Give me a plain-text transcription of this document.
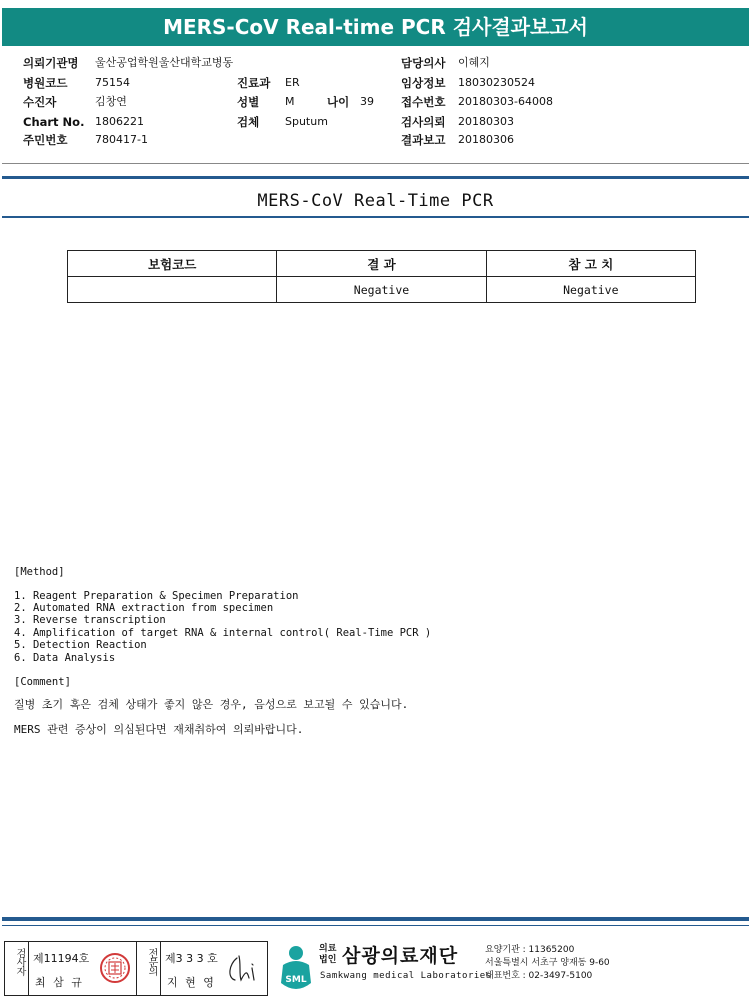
MERS-CoV Real-time PCR 검사결과보고서
의뢰기관명 울산공업학원울산대학교병동	담당의사 이혜지
병원코드	75154	진료과 ER	임상정보 18030230524
수진자	김창연	성별 M	나이 39 접수번호 20180303-64008
Chart No. 1806221	검체 Sputum	검사의뢰 20180303
주민번호	780417-1	결과보고 20180306
MERS-CoV Real-Time PCR
보험코드	결 과	참 고 치
	Negative	Negative
[Method]
1. Reagent Preparation & Specimen Preparation
2. Automated RNA extraction from specimen
3. Reverse transcription
4. Amplification of target RNA & internal control( Real-Time PCR )
5. Detection Reaction
6. Data Analysis
[Comment]
질병 초기 혹은 검체 상태가 좋지 않은 경우, 음성으로 보고될 수 있습니다.
MERS 관련 증상이 의심된다면 재채취하여 의뢰바랍니다.
검사자 제11194호
최 삼 규
전문의 제3 3 3 호
지 현 영	SML
의료
법인 삼광의료재단
Samkwang medical Laboratories
요양기관 : 11365200
서울특별시 서초구 양재동 9-60
대표번호 : 02-3497-5100
